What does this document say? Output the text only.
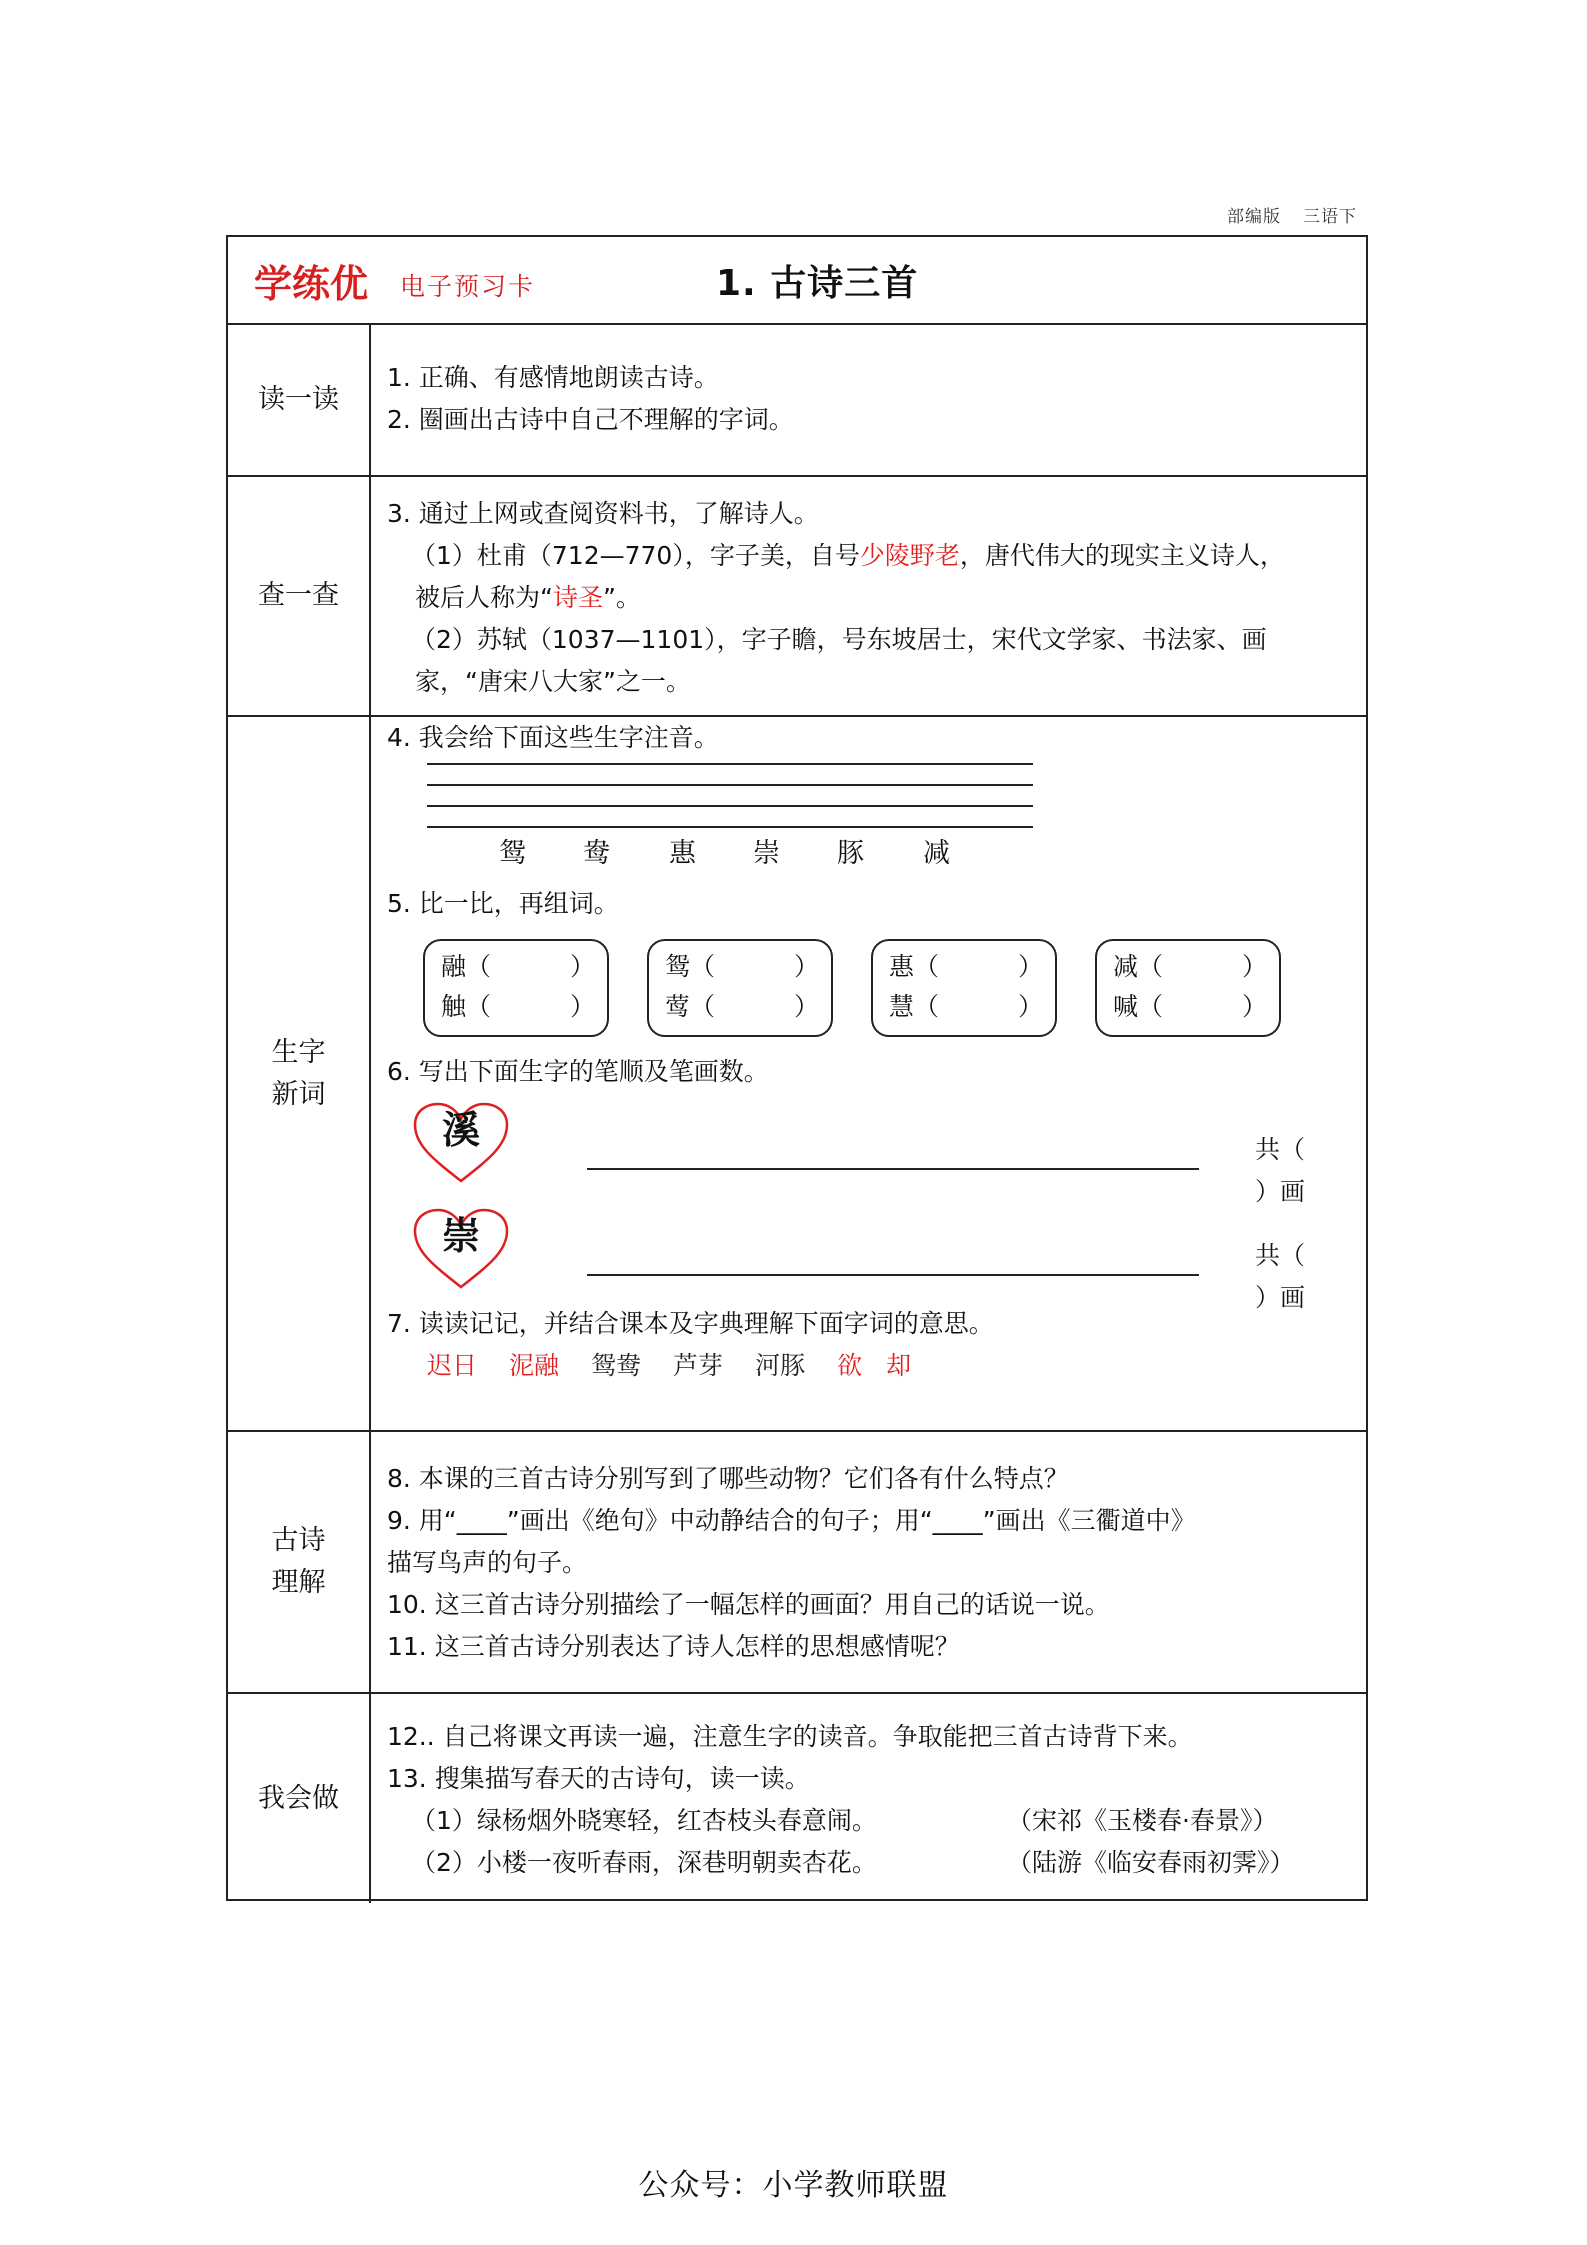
部编版 三语下
学练优 电子预习卡	1. 古诗三首
读一读
1. 正确、有感情地朗读古诗。
2. 圈画出古诗中自己不理解的字词。
查一查
3. 通过上网或查阅资料书，了解诗人。
（1）杜甫（712—770），字子美，自号少陵野老，唐代伟大的现实主义诗人，
被后人称为“诗圣”。
（2）苏轼（1037—1101），字子瞻，号东坡居士，宋代文学家、书法家、画
家，“唐宋八大家”之一。
生字
新词
4. 我会给下面这些生字注音。
鸳 鸯 惠 崇 豚 减
5. 比一比，再组词。
融（	）
触（	）
鸳（	）
莺（	）
惠（	）
慧（	）
减（	）
喊（	）
6. 写出下面生字的笔顺及笔画数。
溪	共（）画
崇	共（）画
7. 读读记记，并结合课本及字典理解下面字词的意思。
迟日 泥融 鸳鸯 芦芽 河豚 欲 却
古诗
理解
8. 本课的三首古诗分别写到了哪些动物？它们各有什么特点？
9. 用“____”画出《绝句》中动静结合的句子；用“____”画出《三衢道中》
描写鸟声的句子。
10. 这三首古诗分别描绘了一幅怎样的画面？用自己的话说一说。
11. 这三首古诗分别表达了诗人怎样的思想感情呢？
我会做
12.. 自己将课文再读一遍，注意生字的读音。争取能把三首古诗背下来。
13. 搜集描写春天的古诗句，读一读。
（1）绿杨烟外晓寒轻，红杏枝头春意闹。	（宋祁《玉楼春·春景》）
（2）小楼一夜听春雨，深巷明朝卖杏花。	（陆游《临安春雨初霁》）
公众号：小学教师联盟
